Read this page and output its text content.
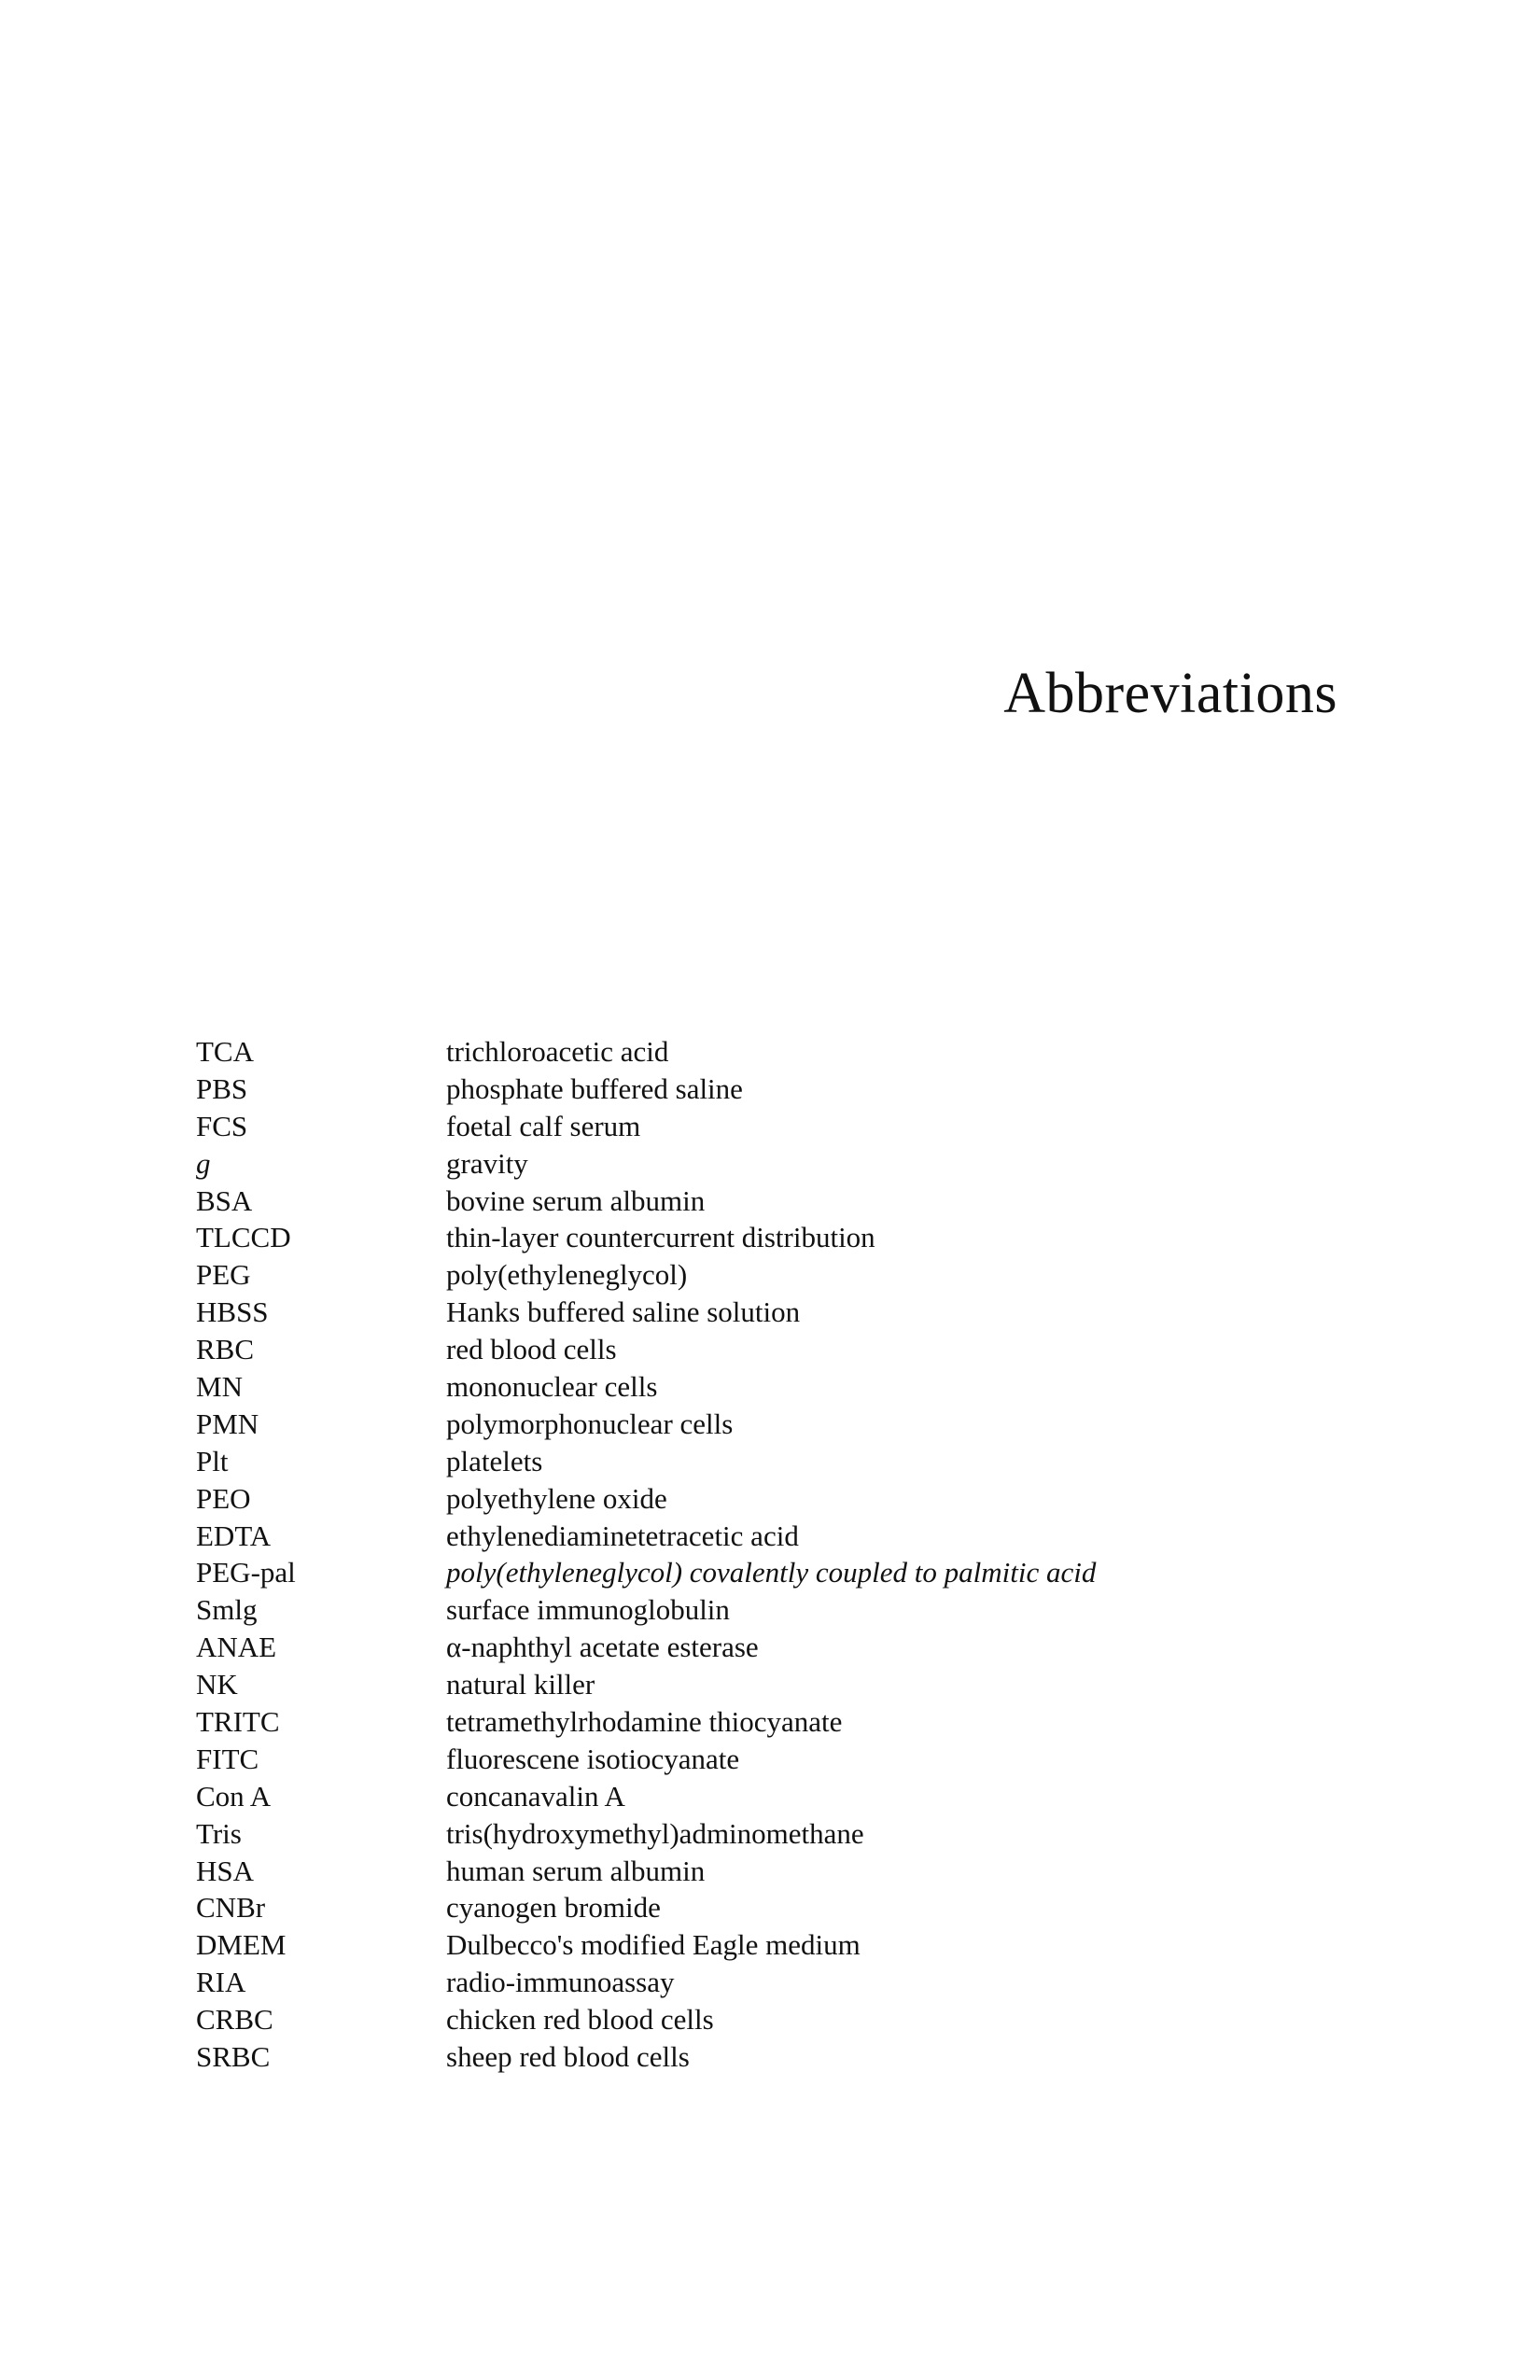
Abbreviations
TCA	trichloroacetic acid
PBS	phosphate buffered saline
FCS	foetal calf serum
g	gravity
BSA	bovine serum albumin
TLCCD	thin-layer countercurrent distribution
PEG	poly(ethyleneglycol)
HBSS	Hanks buffered saline solution
RBC	red blood cells
MN	mononuclear cells
PMN	polymorphonuclear cells
Plt	platelets
PEO	polyethylene oxide
EDTA	ethylenediaminetetracetic acid
PEG-pal	poly(ethyleneglycol) covalently coupled to palmitic acid
Smlg	surface immunoglobulin
ANAE	α-naphthyl acetate esterase
NK	natural killer
TRITC	tetramethylrhodamine thiocyanate
FITC	fluorescene isotiocyanate
Con A	concanavalin A
Tris	tris(hydroxymethyl)adminomethane
HSA	human serum albumin
CNBr	cyanogen bromide
DMEM	Dulbecco's modified Eagle medium
RIA	radio-immunoassay
CRBC	chicken red blood cells
SRBC	sheep red blood cells
